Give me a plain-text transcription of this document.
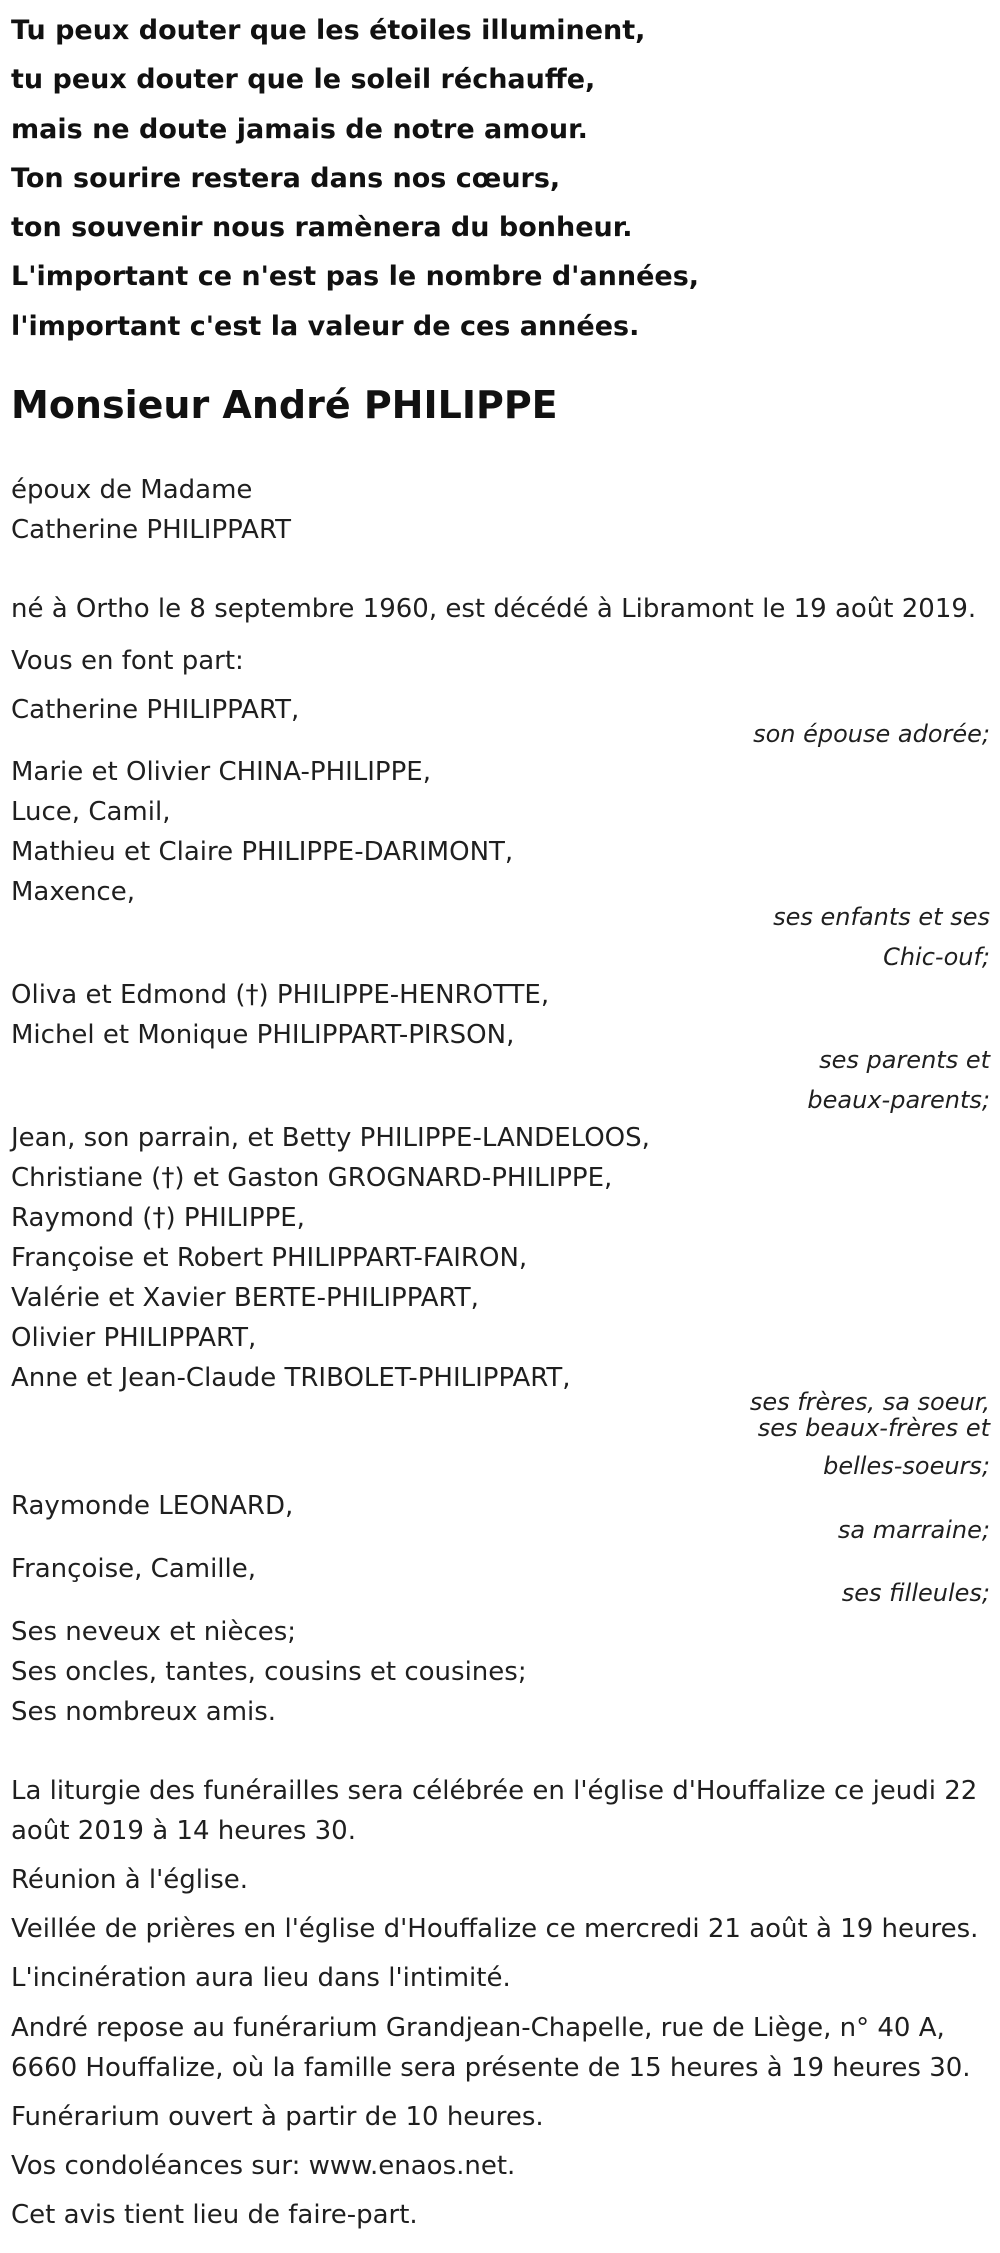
Tu peux douter que les étoiles illuminent,
tu peux douter que le soleil réchauffe,
mais ne doute jamais de notre amour.
Ton sourire restera dans nos cœurs,
ton souvenir nous ramènera du bonheur.
L'important ce n'est pas le nombre d'années,
l'important c'est la valeur de ces années.
Monsieur André PHILIPPE
époux de Madame
Catherine PHILIPPART
né à Ortho le 8 septembre 1960, est décédé à Libramont le 19 août 2019.
Vous en font part:
Catherine PHILIPPART,
son épouse adorée;
Marie et Olivier CHINA-PHILIPPE,
Luce, Camil,
Mathieu et Claire PHILIPPE-DARIMONT,
Maxence,
ses enfants et ses
Chic-ouf;
Oliva et Edmond (†) PHILIPPE-HENROTTE,
Michel et Monique PHILIPPART-PIRSON,
ses parents et
beaux-parents;
Jean, son parrain, et Betty PHILIPPE-LANDELOOS,
Christiane (†) et Gaston GROGNARD-PHILIPPE,
Raymond (†) PHILIPPE,
Françoise et Robert PHILIPPART-FAIRON,
Valérie et Xavier BERTE-PHILIPPART,
Olivier PHILIPPART,
Anne et Jean-Claude TRIBOLET-PHILIPPART,
ses frères, sa soeur,
ses beaux-frères et
belles-soeurs;
Raymonde LEONARD,
sa marraine;
Françoise, Camille,
ses filleules;
Ses neveux et nièces;
Ses oncles, tantes, cousins et cousines;
Ses nombreux amis.
La liturgie des funérailles sera célébrée en l'église d'Houffalize ce jeudi 22
août 2019 à 14 heures 30.
Réunion à l'église.
Veillée de prières en l'église d'Houffalize ce mercredi 21 août à 19 heures.
L'incinération aura lieu dans l'intimité.
André repose au funérarium Grandjean-Chapelle, rue de Liège, n° 40 A,
6660 Houffalize, où la famille sera présente de 15 heures à 19 heures 30.
Funérarium ouvert à partir de 10 heures.
Vos condoléances sur: www.enaos.net.
Cet avis tient lieu de faire-part.
